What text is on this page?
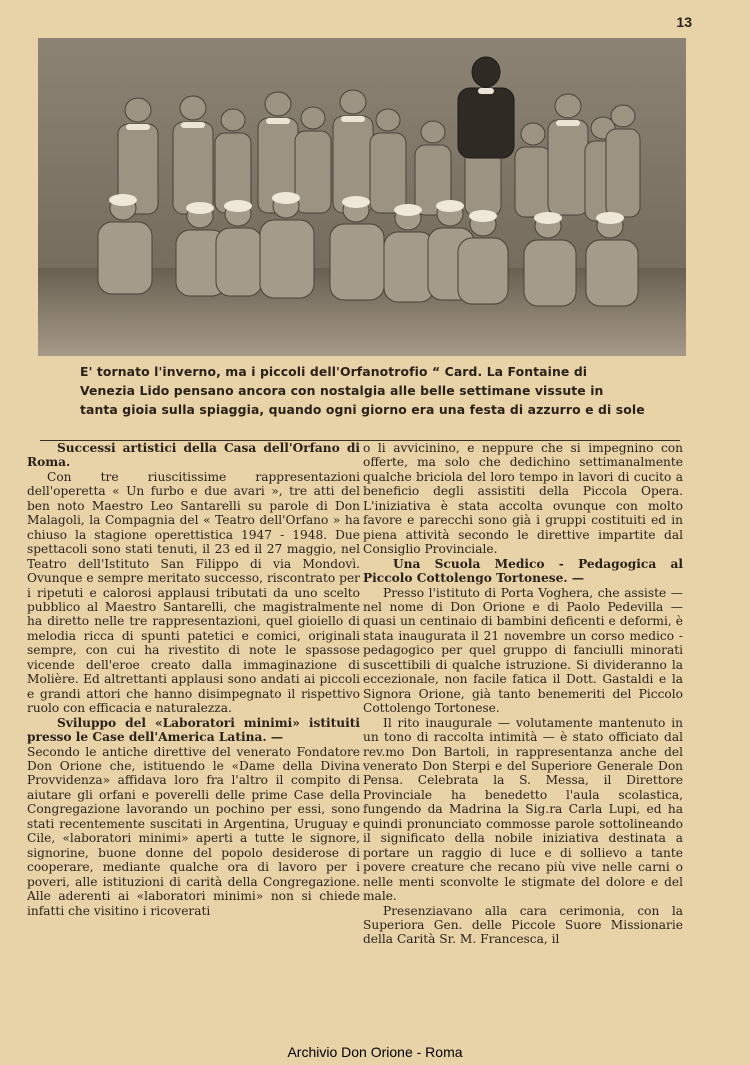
13

E' tornato l'inverno, ma i piccoli dell'Orfanotrofio “ Card. La Fontaine di

Venezia Lido pensano ancora con nostalgia alle belle settimane vissute in

tanta gioia sulla spiaggia, quando ogni giorno era una festa di azzurro e di sole

Successi artistici della Casa dell'Orfano di Roma.

Con tre riuscitissime rappresentazioni dell'operetta « Un furbo e due avari », tre atti del ben noto Maestro Leo Santarelli su parole di Don Malagoli, la Compagnia del « Teatro dell'Orfano » ha chiuso la stagione operettistica 1947 - 1948. Due spettacoli sono stati tenuti, il 23 ed il 27 maggio, nel Teatro dell'Istituto San Filippo di via Mondovì. Ovunque e sempre meritato successo, riscontrato per i ripetuti e calorosi applausi tributati da uno scelto pubblico al Maestro Santarelli, che magistralmente ha diretto nelle tre rappresentazioni, quel gioiello di melodia ricca di spunti patetici e comici, originali sempre, con cui ha rivestito di note le spassose vicende dell'eroe creato dalla immaginazione di Molière. Ed altrettanti applausi sono andati ai piccoli e grandi attori che hanno disimpegnato il rispettivo ruolo con efficacia e naturalezza.

Sviluppo del «Laboratori minimi» istituiti presso le Case dell'America Latina. —

Secondo le antiche direttive del venerato Fondatore Don Orione che, istituendo le «Dame della Divina Provvidenza» affidava loro fra l'altro il compito di aiutare gli orfani e poverelli delle prime Case della Congregazione lavorando un pochino per essi, sono stati recentemente suscitati in Argentina, Uruguay e Cile, «laboratori minimi» aperti a tutte le signore, signorine, buone donne del popolo desiderose di cooperare, mediante qualche ora di lavoro per i poveri, alle istituzioni di carità della Congregazione. Alle aderenti ai «laboratori minimi» non si chiede infatti che visitino i ricoverati

o li avvicinino, e neppure che si impegnino con offerte, ma solo che dedichino settimanalmente qualche briciola del loro tempo in lavori di cucito a beneficio degli assistiti della Piccola Opera. L'iniziativa è stata accolta ovunque con molto favore e parecchi sono già i gruppi costituiti ed in piena attività secondo le direttive impartite dal Consiglio Provinciale.

Una Scuola Medico - Pedagogica al Piccolo Cottolengo Tortonese. —

Presso l'istituto di Porta Voghera, che assiste — nel nome di Don Orione e di Paolo Pedevilla — quasi un centinaio di bambini deficenti e deformi, è stata inaugurata il 21 novembre un corso medico - pedagogico per quel gruppo di fanciulli minorati suscettibili di qualche istruzione. Si divideranno la eccezionale, non facile fatica il Dott. Gastaldi e la Signora Orione, già tanto benemeriti del Piccolo Cottolengo Tortonese.

Il rito inaugurale — volutamente mantenuto in un tono di raccolta intimità — è stato officiato dal rev.mo Don Bartoli, in rappresentanza anche del venerato Don Sterpi e del Superiore Generale Don Pensa. Celebrata la S. Messa, il Direttore Provinciale ha benedetto l'aula scolastica, fungendo da Madrina la Sig.ra Carla Lupi, ed ha quindi pronunciato commosse parole sottolineando il significato della nobile iniziativa destinata a portare un raggio di luce e di sollievo a tante povere creature che recano più vive nelle carni o nelle menti sconvolte le stigmate del dolore e del male.

Presenziavano alla cara cerimonia, con la Superiora Gen. delle Piccole Suore Missionarie della Carità Sr. M. Francesca, il

Archivio Don Orione - Roma
